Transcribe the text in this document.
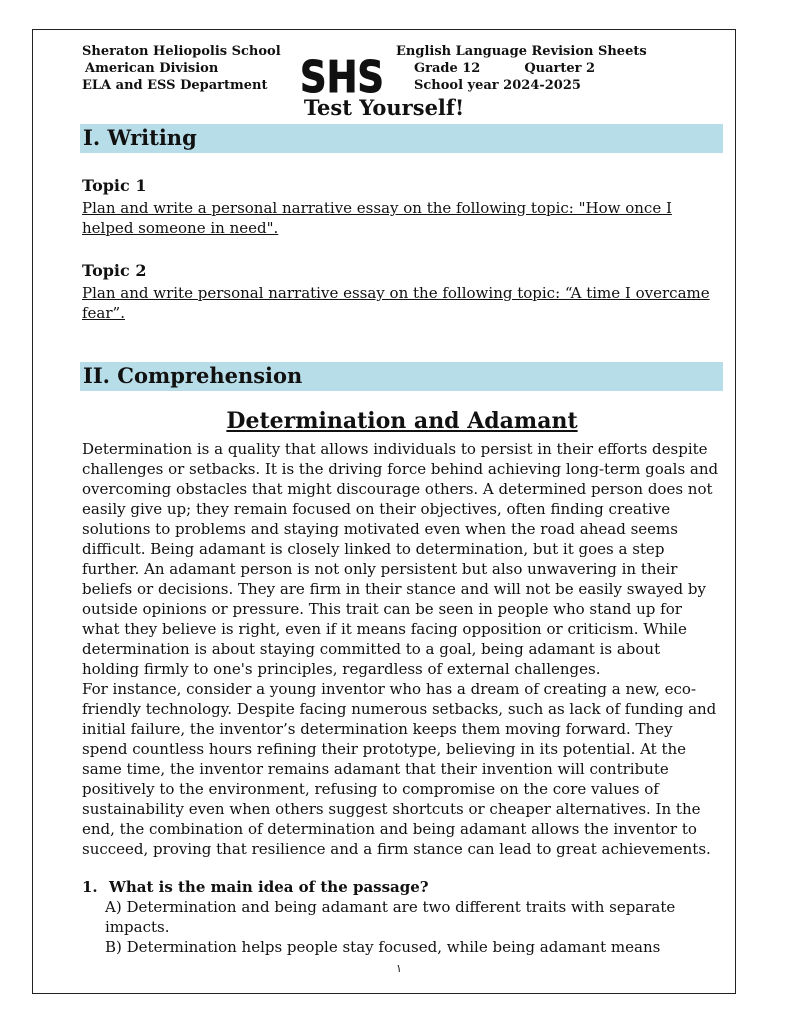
Sheraton Heliopolis School
American Division
ELA and ESS Department SHS
English Language Revision Sheets
Grade 12	Quarter 2
School year 2024-2025
Test Yourself!
I. Writing
Topic 1
Plan and write a personal narrative essay on the following topic: "How once I helped someone in need".
Topic 2
Plan and write personal narrative essay on the following topic: “A time I overcame fear”.
II. Comprehension
Determination and Adamant

Determination is a quality that allows individuals to persist in their efforts despite challenges or setbacks. It is the driving force behind achieving long-term goals and overcoming obstacles that might discourage others. A determined person does not easily give up; they remain focused on their objectives, often finding creative solutions to problems and staying motivated even when the road ahead seems difficult. Being adamant is closely linked to determination, but it goes a step further. An adamant person is not only persistent but also unwavering in their beliefs or decisions. They are firm in their stance and will not be easily swayed by outside opinions or pressure. This trait can be seen in people who stand up for what they believe is right, even if it means facing opposition or criticism. While determination is about staying committed to a goal, being adamant is about holding firmly to one's principles, regardless of external challenges.

For instance, consider a young inventor who has a dream of creating a new, eco-friendly technology. Despite facing numerous setbacks, such as lack of funding and initial failure, the inventor’s determination keeps them moving forward. They spend countless hours refining their prototype, believing in its potential. At the same time, the inventor remains adamant that their invention will contribute positively to the environment, refusing to compromise on the core values of sustainability even when others suggest shortcuts or cheaper alternatives. In the end, the combination of determination and being adamant allows the inventor to succeed, proving that resilience and a firm stance can lead to great achievements.

1. What is the main idea of the passage?
A) Determination and being adamant are two different traits with separate impacts.
B) Determination helps people stay focused, while being adamant means
١
